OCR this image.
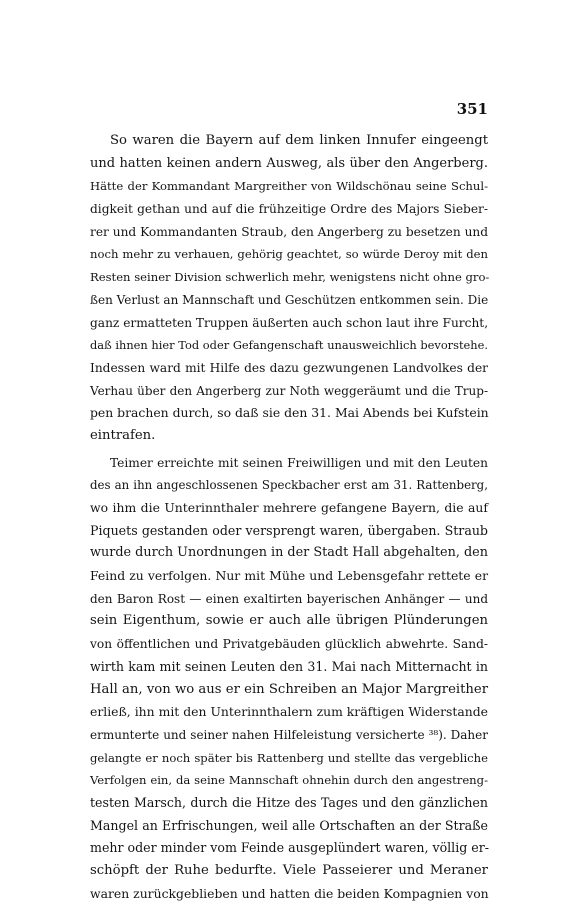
351
So waren die Bayern auf dem linken Innufer eingeengt
und hatten keinen andern Ausweg, als über den Angerberg.
Hätte der Kommandant Margreither von Wildschönau seine Schul-
digkeit gethan und auf die frühzeitige Ordre des Majors Sieber-
rer und Kommandanten Straub, den Angerberg zu besetzen und
noch mehr zu verhauen, gehörig geachtet, so würde Deroy mit den
Resten seiner Division schwerlich mehr, wenigstens nicht ohne gro-
ßen Verlust an Mannschaft und Geschützen entkommen sein. Die
ganz ermatteten Truppen äußerten auch schon laut ihre Furcht,
daß ihnen hier Tod oder Gefangenschaft unausweichlich bevorstehe.
Indessen ward mit Hilfe des dazu gezwungenen Landvolkes der
Verhau über den Angerberg zur Noth weggeräumt und die Trup-
pen brachen durch, so daß sie den 31. Mai Abends bei Kufstein
eintrafen.
Teimer erreichte mit seinen Freiwilligen und mit den Leuten
des an ihn angeschlossenen Speckbacher erst am 31. Rattenberg,
wo ihm die Unterinnthaler mehrere gefangene Bayern, die auf
Piquets gestanden oder versprengt waren, übergaben. Straub
wurde durch Unordnungen in der Stadt Hall abgehalten, den
Feind zu verfolgen. Nur mit Mühe und Lebensgefahr rettete er
den Baron Rost — einen exaltirten bayerischen Anhänger — und
sein Eigenthum, sowie er auch alle übrigen Plünderungen
von öffentlichen und Privatgebäuden glücklich abwehrte. Sand-
wirth kam mit seinen Leuten den 31. Mai nach Mitternacht in
Hall an, von wo aus er ein Schreiben an Major Margreither
erließ, ihn mit den Unterinnthalern zum kräftigen Widerstande
ermunterte und seiner nahen Hilfeleistung versicherte ³⁸). Daher
gelangte er noch später bis Rattenberg und stellte das vergebliche
Verfolgen ein, da seine Mannschaft ohnehin durch den angestreng-
testen Marsch, durch die Hitze des Tages und den gänzlichen
Mangel an Erfrischungen, weil alle Ortschaften an der Straße
mehr oder minder vom Feinde ausgeplündert waren, völlig er-
schöpft der Ruhe bedurfte. Viele Passeierer und Meraner
waren zurückgeblieben und hatten die beiden Kompagnien von
